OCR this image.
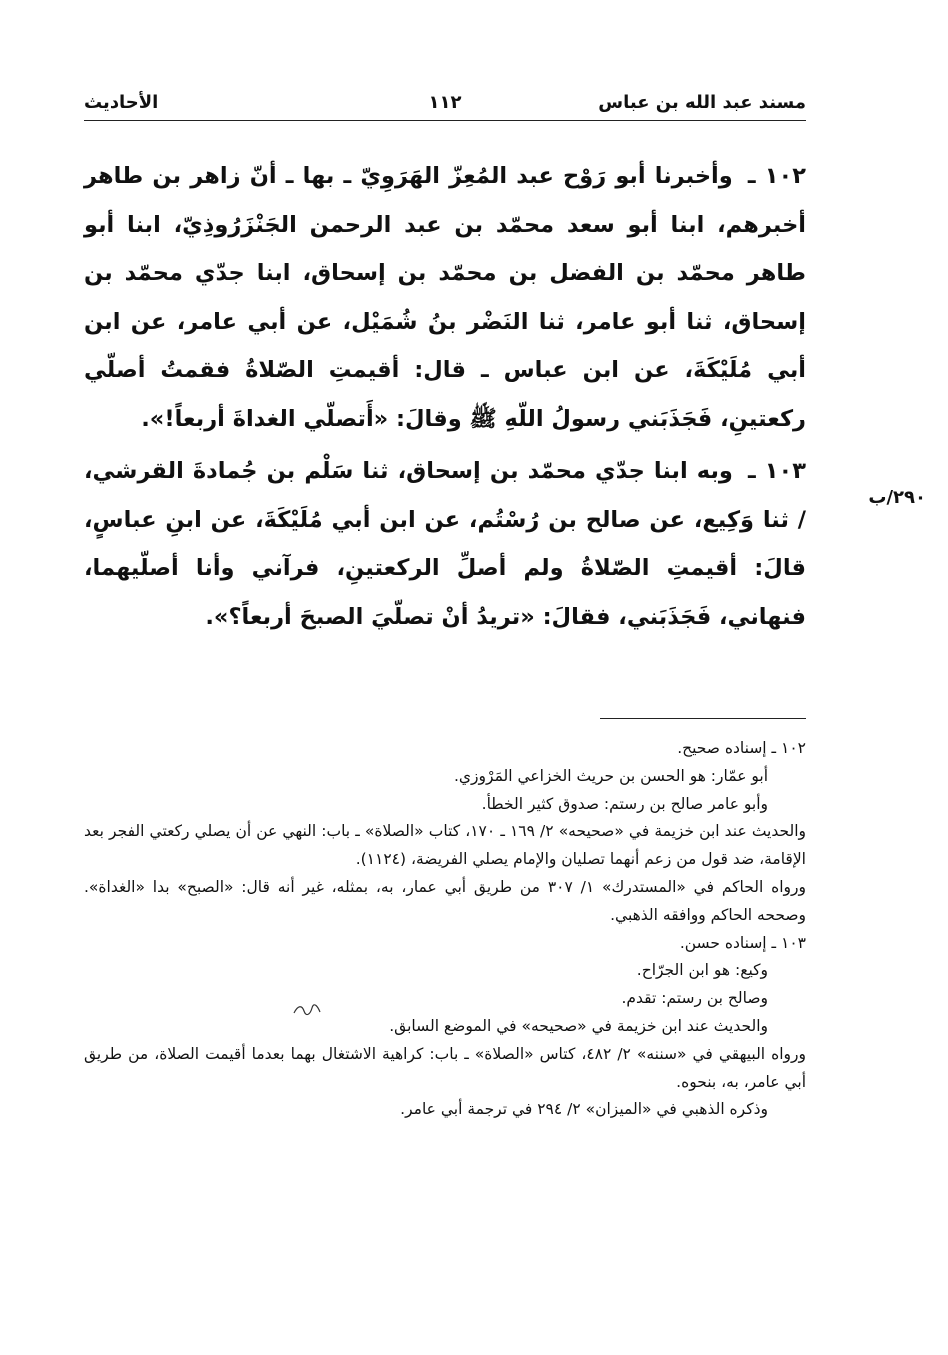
مسند عبد الله بن عباس
١١٢
الأحاديث

١٠٢ ـ وأخبرنا أبو رَوْح عبد المُعِزّ الهَرَوِيّ ـ بها ـ أنّ زاهر بن طاهر أخبرهم، ابنا أبو سعد محمّد بن عبد الرحمن الجَنْزَرُوذِيّ، ابنا أبو طاهر محمّد بن الفضل بن محمّد بن إسحاق، ابنا جدّي محمّد بن إسحاق، ثنا أبو عامر، ثنا النَضْر بنُ شُمَيْل، عن أبي عامر، عن ابن أبي مُلَيْكَةَ، عن ابن عباس ـ قال: أقيمتِ الصّلاةُ فقمتُ أصلّي ركعتينِ، فَجَذَبَني رسولُ اللّهِ ﷺ وقالَ: «أَتصلّي الغداةَ أربعاً!».

١٠٣ ـ وبه ابنا جدّي محمّد بن إسحاق، ثنا سَلْم بن جُمادةَ القرشي، / ثنا وَكِيع، عن صالح بن رُسْتُم، عن ابن أبي مُلَيْكَةَ، عن ابنِ عباسٍ، قالَ: أقيمتِ الصّلاةُ ولم أصلِّ الركعتينِ، فرآني وأنا أصلّيهما، فنهاني، فَجَذَبَني، فقالَ: «تريدُ أنْ تصلّيَ الصبحَ أربعاً؟».

٢٩٠/ب

١٠٢ ـ إسناده صحيح.

أبو عمّار: هو الحسن بن حريث الخزاعي المَرْوزي.

وأبو عامر صالح بن رستم: صدوق كثير الخطأ.

والحديث عند ابن خزيمة في «صحيحه» ٢/ ١٦٩ ـ ١٧٠، كتاب «الصلاة» ـ باب: النهي عن أن يصلي ركعتي الفجر بعد الإقامة، ضد قول من زعم أنهما تصليان والإمام يصلي الفريضة، (١١٢٤).

ورواه الحاكم في «المستدرك» ١/ ٣٠٧ من طريق أبي عمار، به، بمثله، غير أنه قال: «الصبح» بدا «الغداة». وصححه الحاكم ووافقه الذهبي.

١٠٣ ـ إسناده حسن.

وكيع: هو ابن الجرّاح.

وصالح بن رستم: تقدم.

والحديث عند ابن خزيمة في «صحيحه» في الموضع السابق.

ورواه البيهقي في «سننه» ٢/ ٤٨٢، كتاس «الصلاة» ـ باب: كراهية الاشتغال بهما بعدما أقيمت الصلاة، من طريق أبي عامر، به، بنحوه.

وذكره الذهبي في «الميزان» ٢/ ٢٩٤ في ترجمة أبي عامر.
